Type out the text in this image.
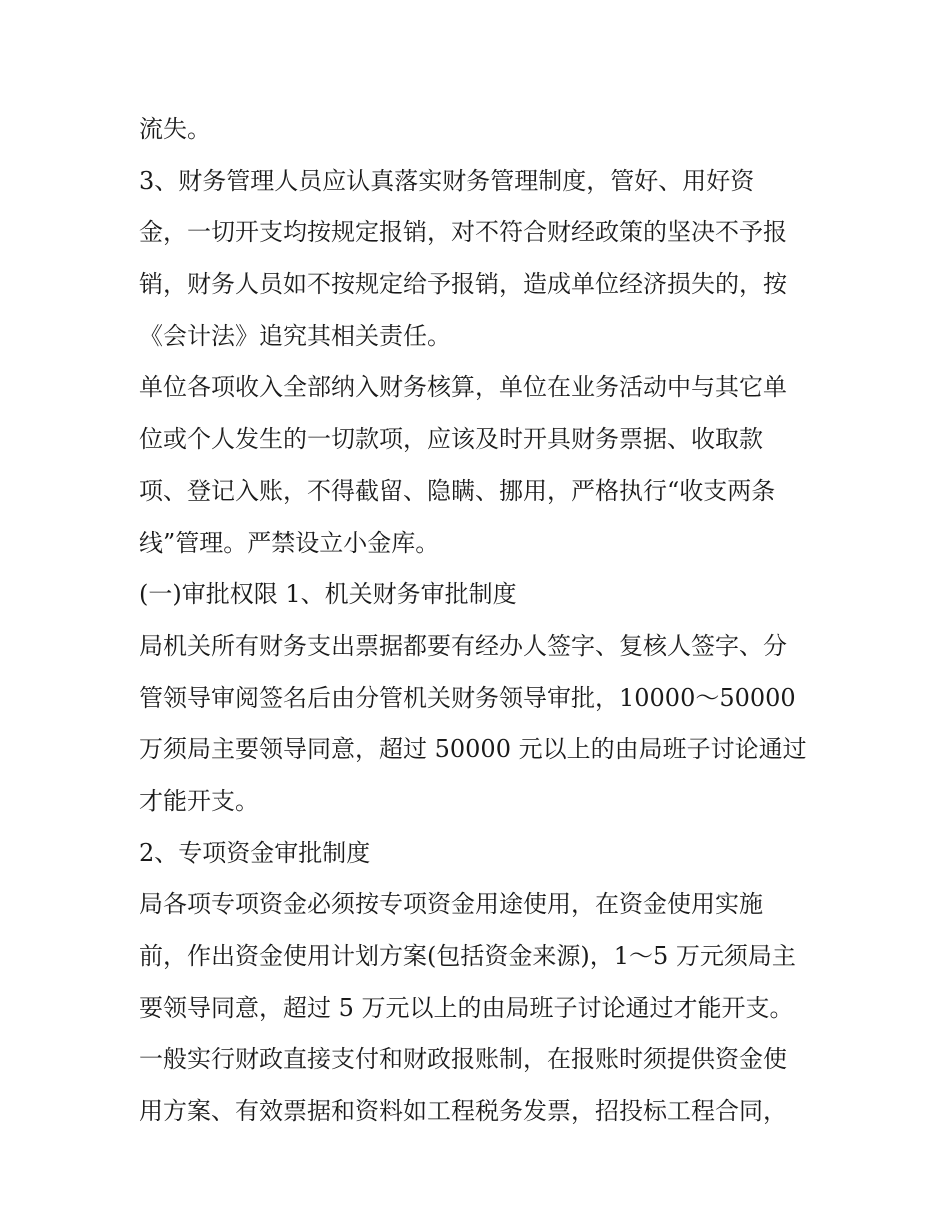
流失。
3、财务管理人员应认真落实财务管理制度，管好、用好资
金，一切开支均按规定报销，对不符合财经政策的坚决不予报
销，财务人员如不按规定给予报销，造成单位经济损失的，按
《会计法》追究其相关责任。
单位各项收入全部纳入财务核算，单位在业务活动中与其它单
位或个人发生的一切款项，应该及时开具财务票据、收取款
项、登记入账，不得截留、隐瞒、挪用，严格执行“收支两条
线”管理。严禁设立小金库。
(一)审批权限 1、机关财务审批制度
局机关所有财务支出票据都要有经办人签字、复核人签字、分
管领导审阅签名后由分管机关财务领导审批，10000～50000
万须局主要领导同意，超过 50000 元以上的由局班子讨论通过
才能开支。
2、专项资金审批制度
局各项专项资金必须按专项资金用途使用，在资金使用实施
前，作出资金使用计划方案(包括资金来源)，1～5 万元须局主
要领导同意，超过 5 万元以上的由局班子讨论通过才能开支。
一般实行财政直接支付和财政报账制，在报账时须提供资金使
用方案、有效票据和资料如工程税务发票，招投标工程合同，
